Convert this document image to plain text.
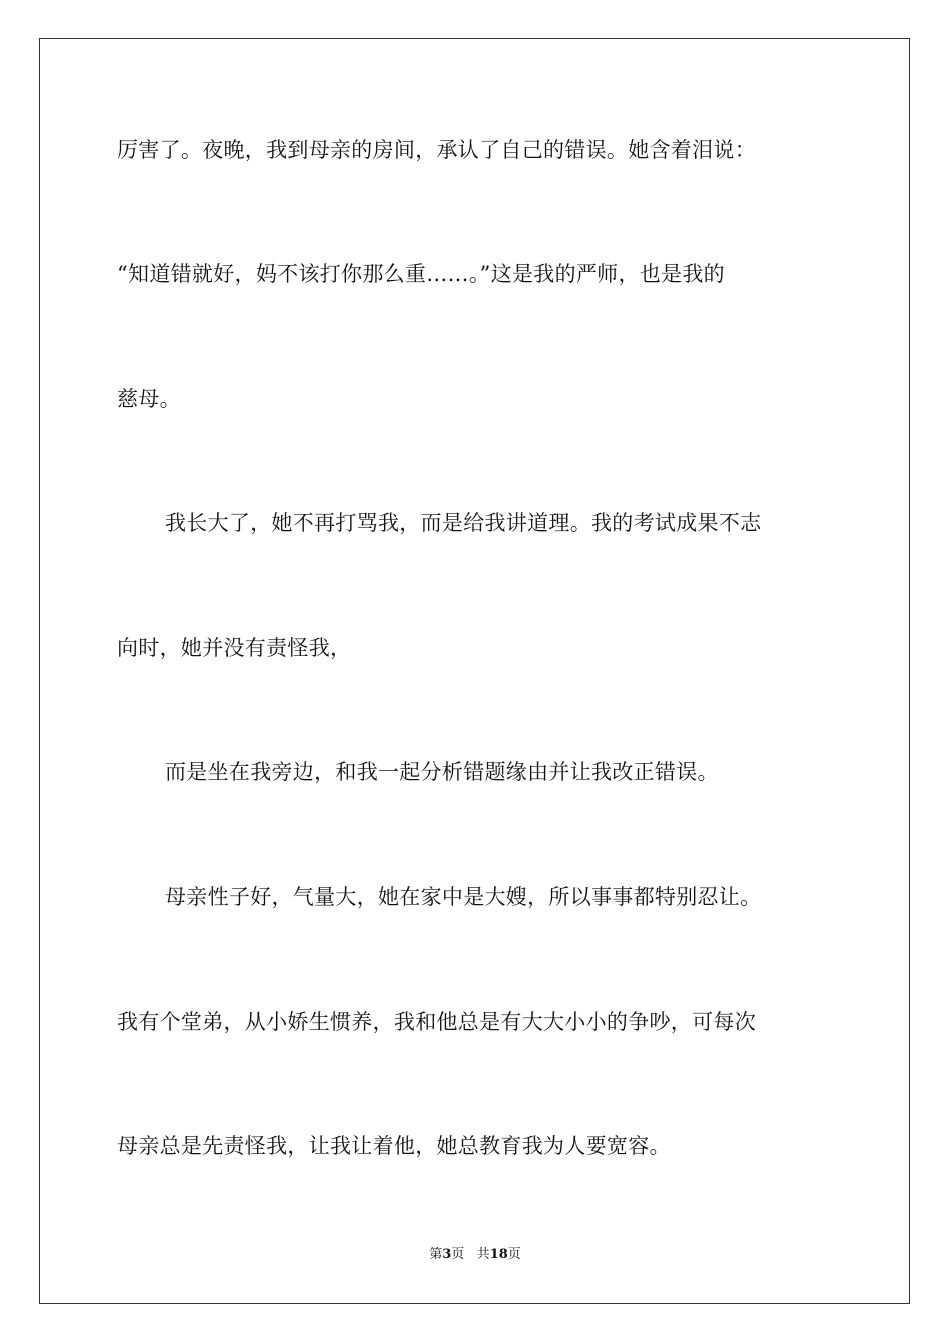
厉害了。夜晚，我到母亲的房间，承认了自己的错误。她含着泪说：
“知道错就好，妈不该打你那么重……。”这是我的严师，也是我的
慈母。
我长大了，她不再打骂我，而是给我讲道理。我的考试成果不志
向时，她并没有责怪我，
而是坐在我旁边，和我一起分析错题缘由并让我改正错误。
母亲性子好，气量大，她在家中是大嫂，所以事事都特别忍让。
我有个堂弟，从小娇生惯养，我和他总是有大大小小的争吵，可每次
母亲总是先责怪我，让我让着他，她总教育我为人要宽容。
第3页 共18页
